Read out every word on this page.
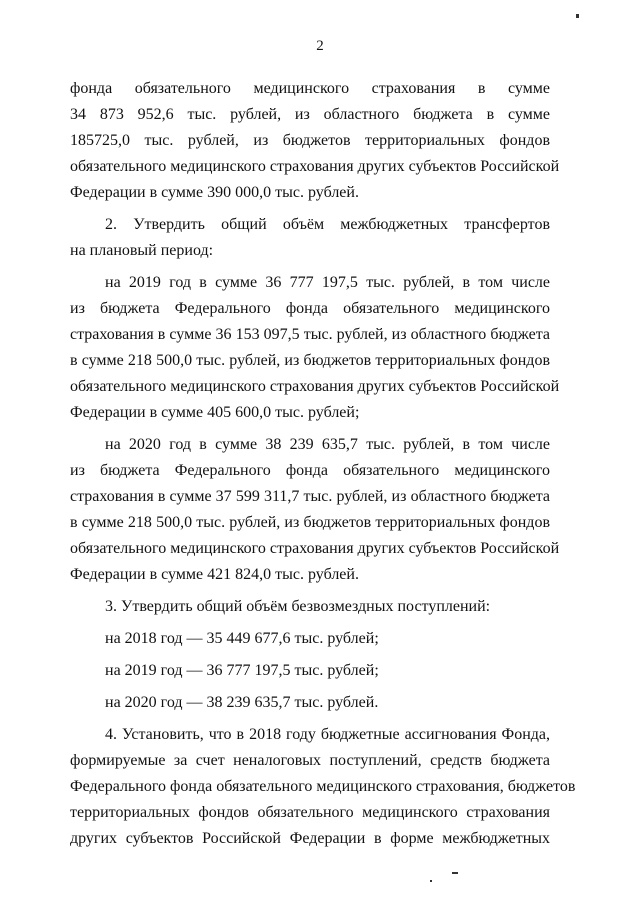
2
фонда обязательного медицинского страхования в сумме
34 873 952,6 тыс. рублей, из областного бюджета в сумме
185725,0 тыс. рублей, из бюджетов территориальных фондов
обязательного медицинского страхования других субъектов Российской
Федерации в сумме 390 000,0 тыс. рублей.
2. Утвердить общий объём межбюджетных трансфертов
на плановый период:
на 2019 год в сумме 36 777 197,5 тыс. рублей, в том числе
из бюджета Федерального фонда обязательного медицинского
страхования в сумме 36 153 097,5 тыс. рублей, из областного бюджета
в сумме 218 500,0 тыс. рублей, из бюджетов территориальных фондов
обязательного медицинского страхования других субъектов Российской
Федерации в сумме 405 600,0 тыс. рублей;
на 2020 год в сумме 38 239 635,7 тыс. рублей, в том числе
из бюджета Федерального фонда обязательного медицинского
страхования в сумме 37 599 311,7 тыс. рублей, из областного бюджета
в сумме 218 500,0 тыс. рублей, из бюджетов территориальных фондов
обязательного медицинского страхования других субъектов Российской
Федерации в сумме 421 824,0 тыс. рублей.
3. Утвердить общий объём безвозмездных поступлений:
на 2018 год — 35 449 677,6 тыс. рублей;
на 2019 год — 36 777 197,5 тыс. рублей;
на 2020 год — 38 239 635,7 тыс. рублей.
4. Установить, что в 2018 году бюджетные ассигнования Фонда,
формируемые за счет неналоговых поступлений, средств бюджета
Федерального фонда обязательного медицинского страхования, бюджетов
территориальных фондов обязательного медицинского страхования
других субъектов Российской Федерации в форме межбюджетных
